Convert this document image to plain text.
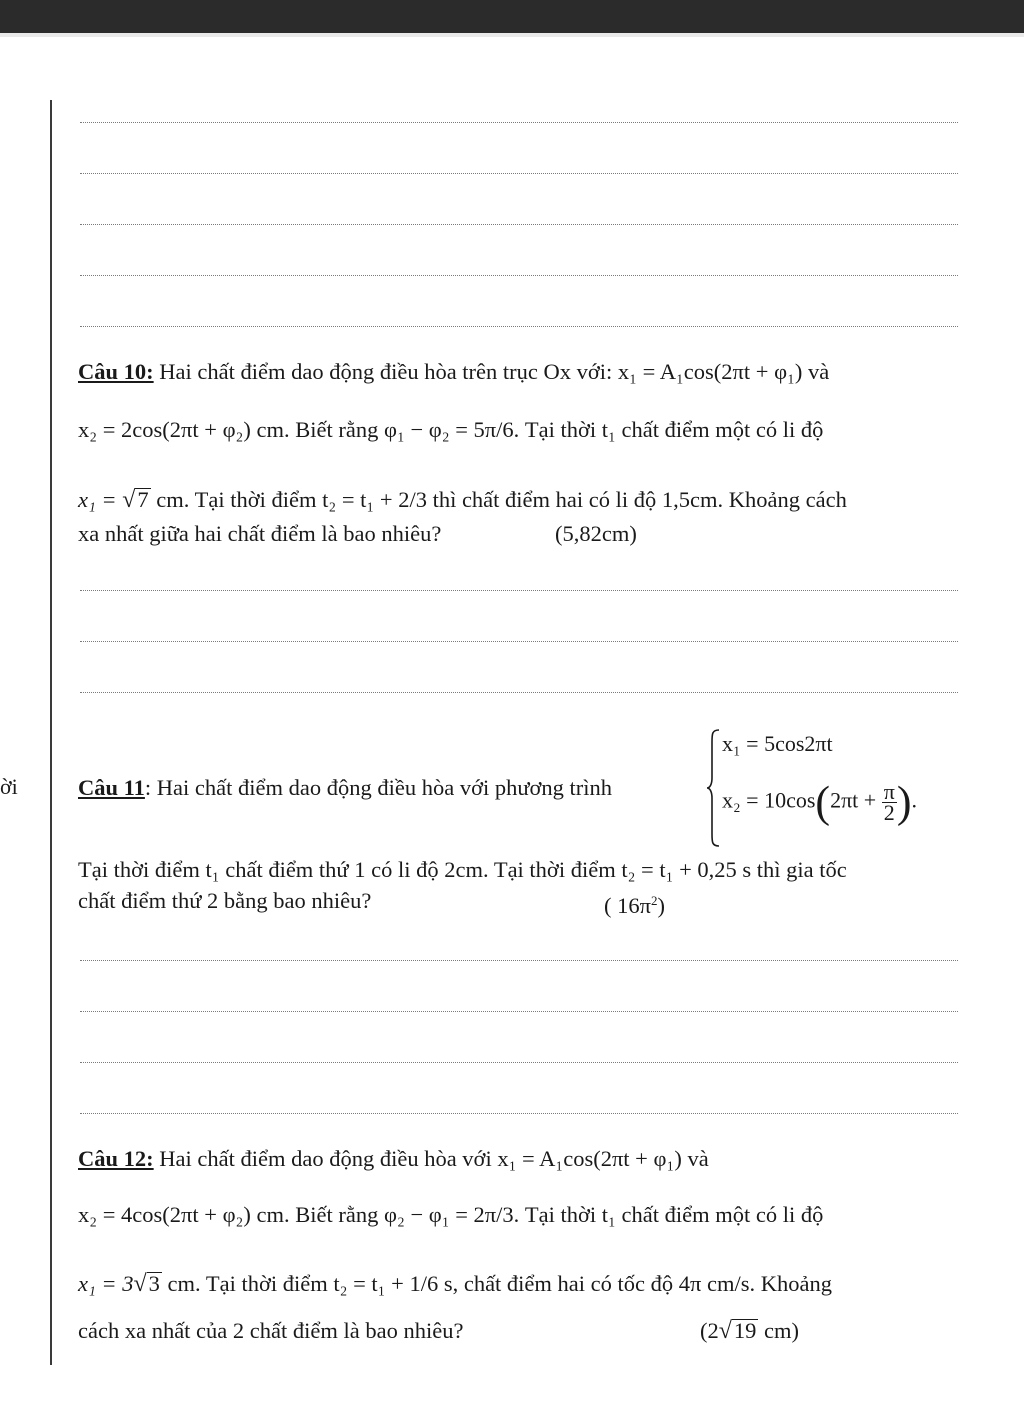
Câu 10: Hai chất điểm dao động điều hòa trên trục Ox với: x₁ = A₁cos(2πt + φ₁) và
x₂ = 2cos(2πt + φ₂) cm. Biết rằng φ₁ − φ₂ = 5π/6. Tại thời t₁ chất điểm một có li độ
x₁ = √7 cm. Tại thời điểm t₂ = t₁ + 2/3 thì chất điểm hai có li độ 1,5cm. Khoảng cách
xa nhất giữa hai chất điểm là bao nhiêu?	(5,82cm)
ời	Câu 11: Hai chất điểm dao động điều hòa với phương trình
x₁ = 5cos2πt
$x_2 = 10\cos(2\pi t + \frac{\pi}{2}$ ).
Tại thời điểm t₁ chất điểm thứ 1 có li độ 2cm. Tại thời điểm t₂ = t₁ + 0,25 s thì gia tốc
chất điểm thứ 2 bằng bao nhiêu?	( $16\pi^2$)
Câu 12: Hai chất điểm dao động điều hòa với x₁ = A₁cos(2πt + φ₁) và
x₂ = 4cos(2πt + φ₂) cm. Biết rằng φ₂ − φ₁ = 2π/3. Tại thời t₁ chất điểm một có li độ
x₁ = 3√3 cm. Tại thời điểm t₂ = t₁ + 1/6 s, chất điểm hai có tốc độ 4π cm/s. Khoảng
cách xa nhất của 2 chất điểm là bao nhiêu?	(2√19 cm)
